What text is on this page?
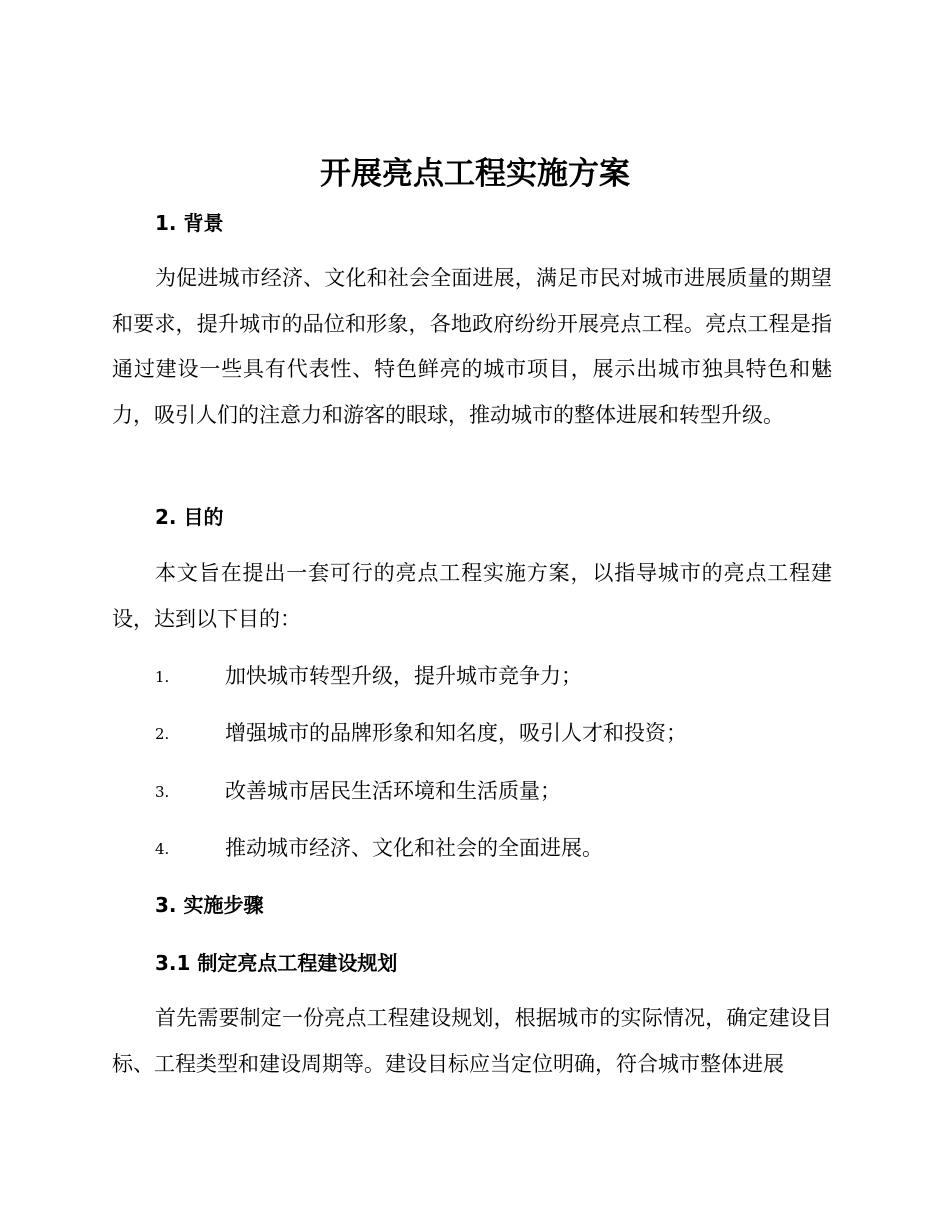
开展亮点工程实施方案
1. 背景
为促进城市经济、文化和社会全面进展，满足市民对城市进展质量的期望和要求，提升城市的品位和形象，各地政府纷纷开展亮点工程。亮点工程是指通过建设一些具有代表性、特色鲜亮的城市项目，展示出城市独具特色和魅力，吸引人们的注意力和游客的眼球，推动城市的整体进展和转型升级。
2. 目的
本文旨在提出一套可行的亮点工程实施方案，以指导城市的亮点工程建设，达到以下目的：
1.	加快城市转型升级，提升城市竞争力；
2.	增强城市的品牌形象和知名度，吸引人才和投资；
3.	改善城市居民生活环境和生活质量；
4.	推动城市经济、文化和社会的全面进展。
3. 实施步骤
3.1 制定亮点工程建设规划
首先需要制定一份亮点工程建设规划，根据城市的实际情况，确定建设目标、工程类型和建设周期等。建设目标应当定位明确，符合城市整体进展
